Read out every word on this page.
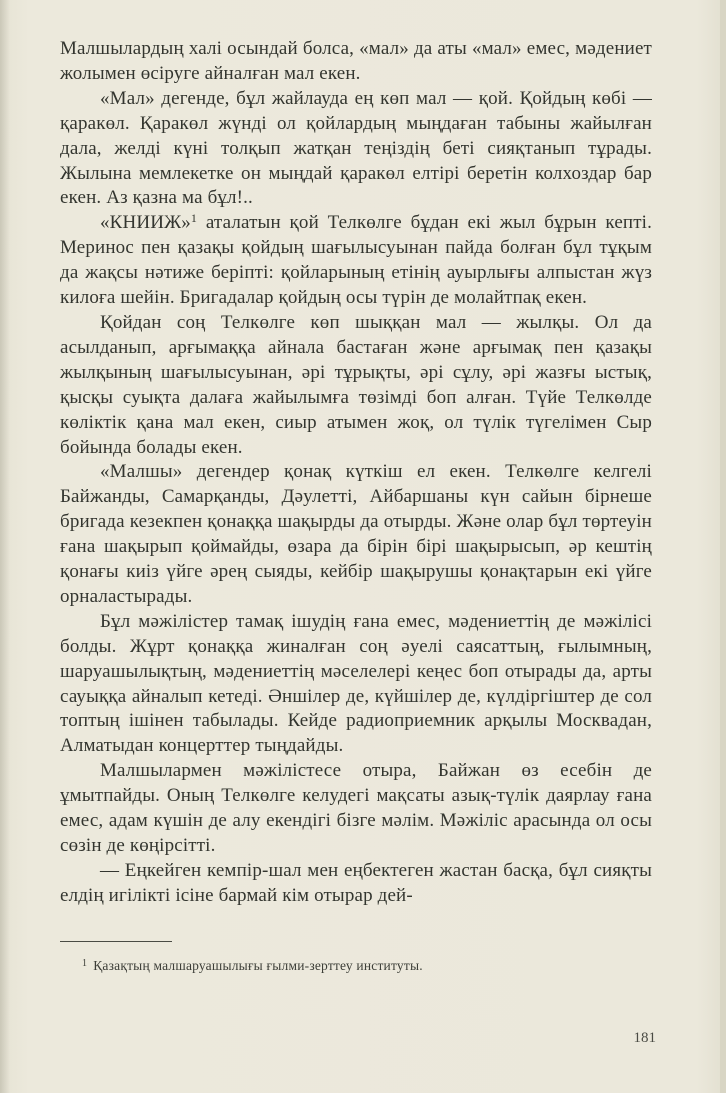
Малшылардың халі осындай болса, «мал» да аты «мал» емес, мәдениет жолымен өсіруге айналған мал екен.

«Мал» дегенде, бұл жайлауда ең көп мал — қой. Қойдың көбі — қаракөл. Қаракөл жүнді ол қойлардың мыңдаған табыны жайылған дала, желді күні толқып жатқан теңіздің беті сияқтанып тұрады. Жылына мемлекетке он мыңдай қаракөл елтірі беретін колхоздар бар екен. Аз қазна ма бұл!..

«КНИИЖ»$^1$ аталатын қой Телкөлге бұдан екі жыл бұрын кепті. Мериноc пен қазақы қойдың шағылысуынан пайда болған бұл тұқым да жақсы нәтиже беріпті: қойларының етінің ауырлығы алпыстан жүз килоға шейін. Бригадалар қойдың осы түрін де молайтпақ екен.

Қойдан соң Телкөлге көп шыққан мал — жылқы. Ол да асылданып, арғымаққа айнала бастаған және арғымақ пен қазақы жылқының шағылысуынан, әрі тұрықты, әрі сұлу, әрі жазғы ыстық, қысқы суықта далаға жайылымға төзімді боп алған. Түйе Телкөлде көліктік қана мал екен, сиыр атымен жоқ, ол түлік түгелімен Сыр бойында болады екен.

«Малшы» дегендер қонақ күткіш ел екен. Телкөлге келгелі Байжанды, Самарқанды, Дәулетті, Айбаршаны күн сайын бірнеше бригада кезекпен қонаққа шақырды да отырды. Және олар бұл төртеуін ғана шақырып қоймайды, өзара да бірін бірі шақырысып, әр кештің қонағы киіз үйге әрең сыяды, кейбір шақырушы қонақтарын екі үйге орналастырады.

Бұл мәжілістер тамақ ішудің ғана емес, мәдениеттің де мәжілісі болды. Жұрт қонаққа жиналған соң әуелі саясаттың, ғылымның, шаруашылықтың, мәдениеттің мәселелері кеңес боп отырады да, арты сауыққа айналып кетеді. Әншілер де, күйшілер де, күлдіргіштер де сол топтың ішінен табылады. Кейде радиоприемник арқылы Москвадан, Алматыдан концерттер тыңдайды.

Малшылармен мәжілістесе отыра, Байжан өз есебін де ұмытпайды. Оның Телкөлге келудегі мақсаты азық-түлік даярлау ғана емес, адам күшін де алу екендігі бізге мәлім. Мәжіліс арасында ол осы сөзін де көңірсітті.

— Еңкейген кемпір-шал мен еңбектеген жастан басқа, бұл сияқты елдің игілікті ісіне бармай кім отырар дей-

$^1$ Қазақтың малшаруашылығы ғылми-зерттеу институты.
181
